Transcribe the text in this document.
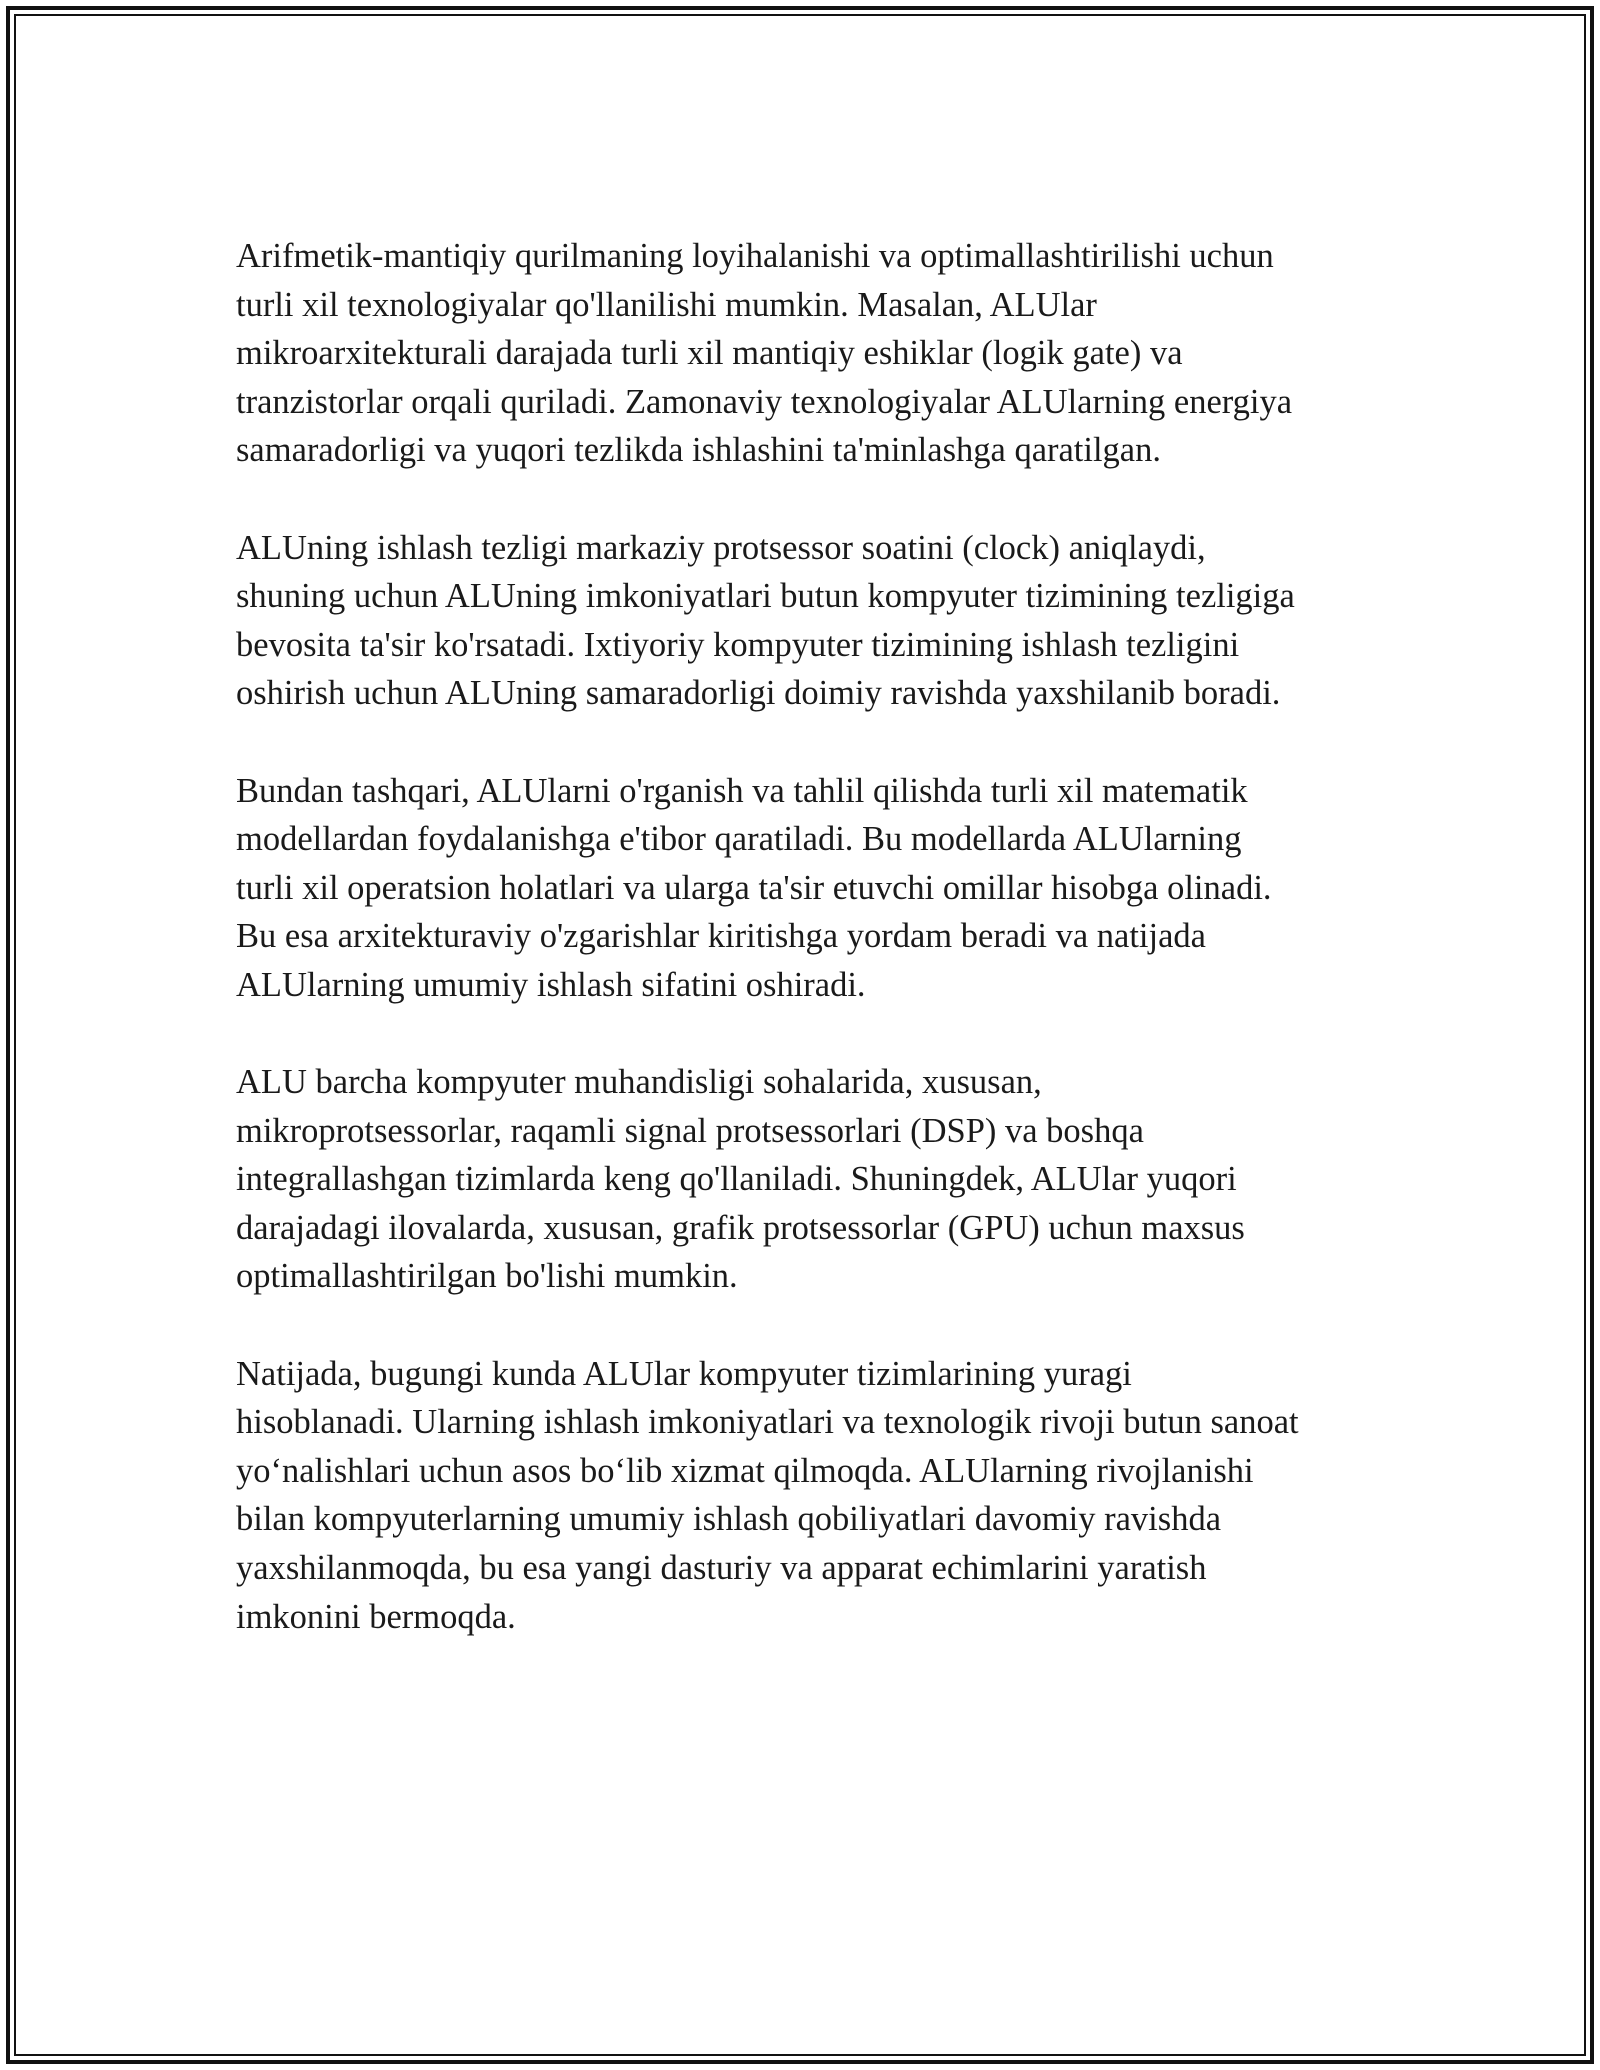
Arifmetik-mantiqiy qurilmaning loyihalanishi va optimallashtirilishi uchun
turli xil texnologiyalar qo'llanilishi mumkin. Masalan, ALUlar
mikroarxitekturali darajada turli xil mantiqiy eshiklar (logik gate) va
tranzistorlar orqali quriladi. Zamonaviy texnologiyalar ALUlarning energiya
samaradorligi va yuqori tezlikda ishlashini ta'minlashga qaratilgan.

ALUning ishlash tezligi markaziy protsessor soatini (clock) aniqlaydi,
shuning uchun ALUning imkoniyatlari butun kompyuter tizimining tezligiga
bevosita ta'sir ko'rsatadi. Ixtiyoriy kompyuter tizimining ishlash tezligini
oshirish uchun ALUning samaradorligi doimiy ravishda yaxshilanib boradi.

Bundan tashqari, ALUlarni o'rganish va tahlil qilishda turli xil matematik
modellardan foydalanishga e'tibor qaratiladi. Bu modellarda ALUlarning
turli xil operatsion holatlari va ularga ta'sir etuvchi omillar hisobga olinadi.
Bu esa arxitekturaviy o'zgarishlar kiritishga yordam beradi va natijada
ALUlarning umumiy ishlash sifatini oshiradi.

ALU barcha kompyuter muhandisligi sohalarida, xususan,
mikroprotsessorlar, raqamli signal protsessorlari (DSP) va boshqa
integrallashgan tizimlarda keng qo'llaniladi. Shuningdek, ALUlar yuqori
darajadagi ilovalarda, xususan, grafik protsessorlar (GPU) uchun maxsus
optimallashtirilgan bo'lishi mumkin.

Natijada, bugungi kunda ALUlar kompyuter tizimlarining yuragi
hisoblanadi. Ularning ishlash imkoniyatlari va texnologik rivoji butun sanoat
yo‘nalishlari uchun asos bo‘lib xizmat qilmoqda. ALUlarning rivojlanishi
bilan kompyuterlarning umumiy ishlash qobiliyatlari davomiy ravishda
yaxshilanmoqda, bu esa yangi dasturiy va apparat echimlarini yaratish
imkonini bermoqda.
